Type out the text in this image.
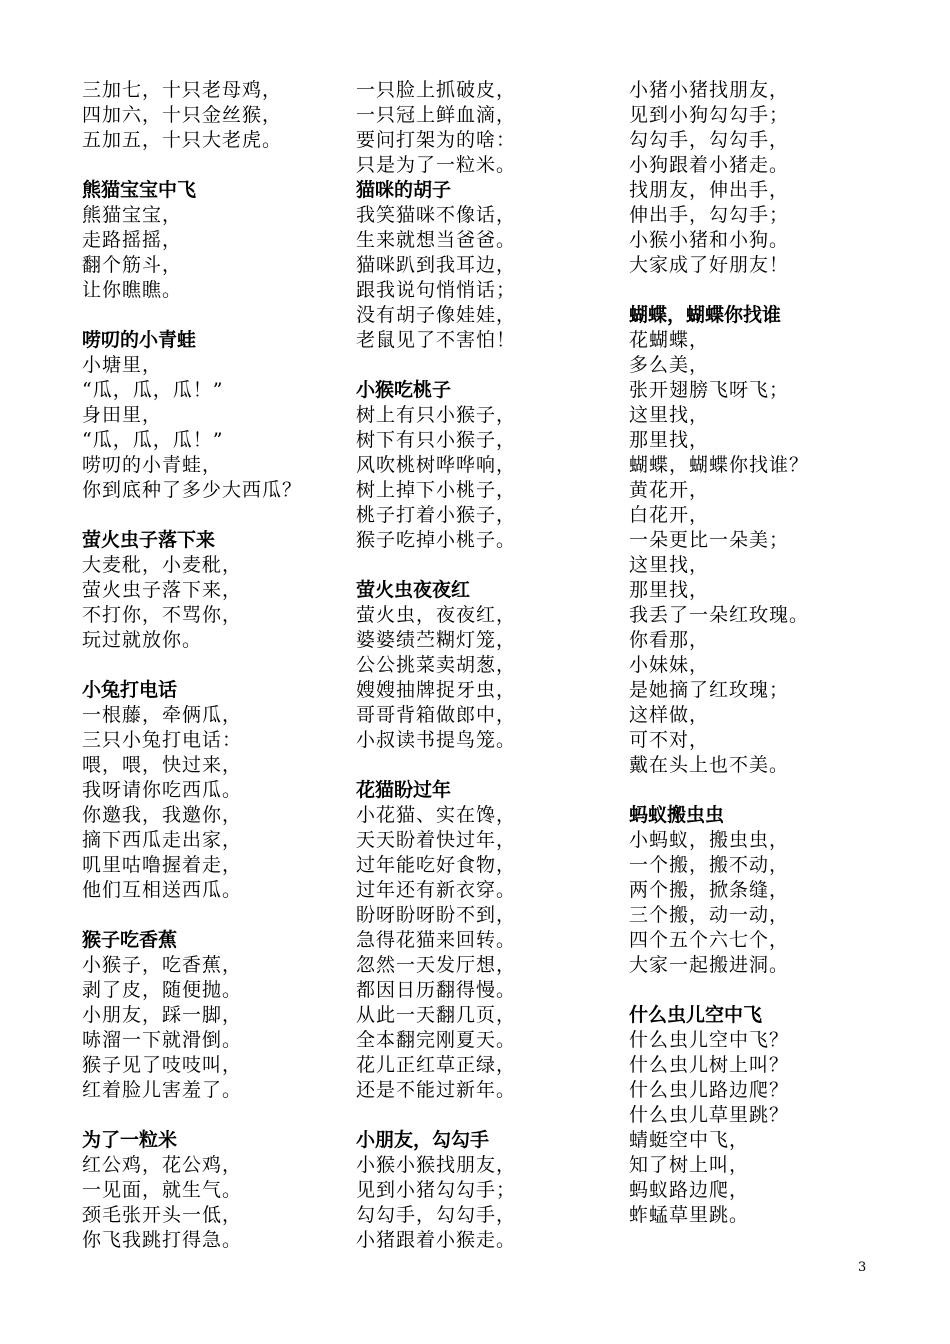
三加七，十只老母鸡，
四加六，十只金丝猴，
五加五，十只大老虎。
熊猫宝宝中飞
熊猫宝宝，
走路摇摇，
翻个筋斗，
让你瞧瞧。
唠叨的小青蛙
小塘里，
“瓜，瓜，瓜！”
身田里，
“瓜，瓜，瓜！”
唠叨的小青蛙，
你到底种了多少大西瓜？
萤火虫子落下来
大麦秕，小麦秕，
萤火虫子落下来，
不打你，不骂你，
玩过就放你。
小兔打电话
一根藤，牵俩瓜，
三只小兔打电话：
喂，喂，快过来，
我呀请你吃西瓜。
你邀我，我邀你，
摘下西瓜走出家，
叽里咕噜握着走，
他们互相送西瓜。
猴子吃香蕉
小猴子，吃香蕉，
剥了皮，随便抛。
小朋友，踩一脚，
哧溜一下就滑倒。
猴子见了吱吱叫，
红着脸儿害羞了。
为了一粒米
红公鸡，花公鸡，
一见面，就生气。
颈毛张开头一低，
你飞我跳打得急。
一只脸上抓破皮，
一只冠上鲜血滴，
要问打架为的啥：
只是为了一粒米。
猫咪的胡子
我笑猫咪不像话，
生来就想当爸爸。
猫咪趴到我耳边，
跟我说句悄悄话；
没有胡子像娃娃，
老鼠见了不害怕！
小猴吃桃子
树上有只小猴子，
树下有只小猴子，
风吹桃树哗哗响，
树上掉下小桃子，
桃子打着小猴子，
猴子吃掉小桃子。
萤火虫夜夜红
萤火虫，夜夜红，
婆婆绩苎糊灯笼，
公公挑菜卖胡葱，
嫂嫂抽牌捉牙虫，
哥哥背箱做郎中，
小叔读书提鸟笼。
花猫盼过年
小花猫、实在馋，
天天盼着快过年，
过年能吃好食物，
过年还有新衣穿。
盼呀盼呀盼不到，
急得花猫来回转。
忽然一天发厅想，
都因日历翻得慢。
从此一天翻几页，
全本翻完刚夏天。
花儿正红草正绿，
还是不能过新年。
小朋友，勾勾手
小猴小猴找朋友，
见到小猪勾勾手；
勾勾手，勾勾手，
小猪跟着小猴走。
小猪小猪找朋友，
见到小狗勾勾手；
勾勾手，勾勾手，
小狗跟着小猪走。
找朋友，伸出手，
伸出手，勾勾手；
小猴小猪和小狗。
大家成了好朋友！
蝴蝶，蝴蝶你找谁
花蝴蝶，
多么美，
张开翅膀飞呀飞；
这里找，
那里找，
蝴蝶，蝴蝶你找谁？
黄花开，
白花开，
一朵更比一朵美；
这里找，
那里找，
我丢了一朵红玫瑰。
你看那，
小妹妹，
是她摘了红玫瑰；
这样做，
可不对，
戴在头上也不美。
蚂蚁搬虫虫
小蚂蚁，搬虫虫，
一个搬，搬不动，
两个搬，掀条缝，
三个搬，动一动，
四个五个六七个，
大家一起搬进洞。
什么虫儿空中飞
什么虫儿空中飞？
什么虫儿树上叫？
什么虫儿路边爬？
什么虫儿草里跳？
蜻蜓空中飞，
知了树上叫，
蚂蚁路边爬，
蚱蜢草里跳。
3
